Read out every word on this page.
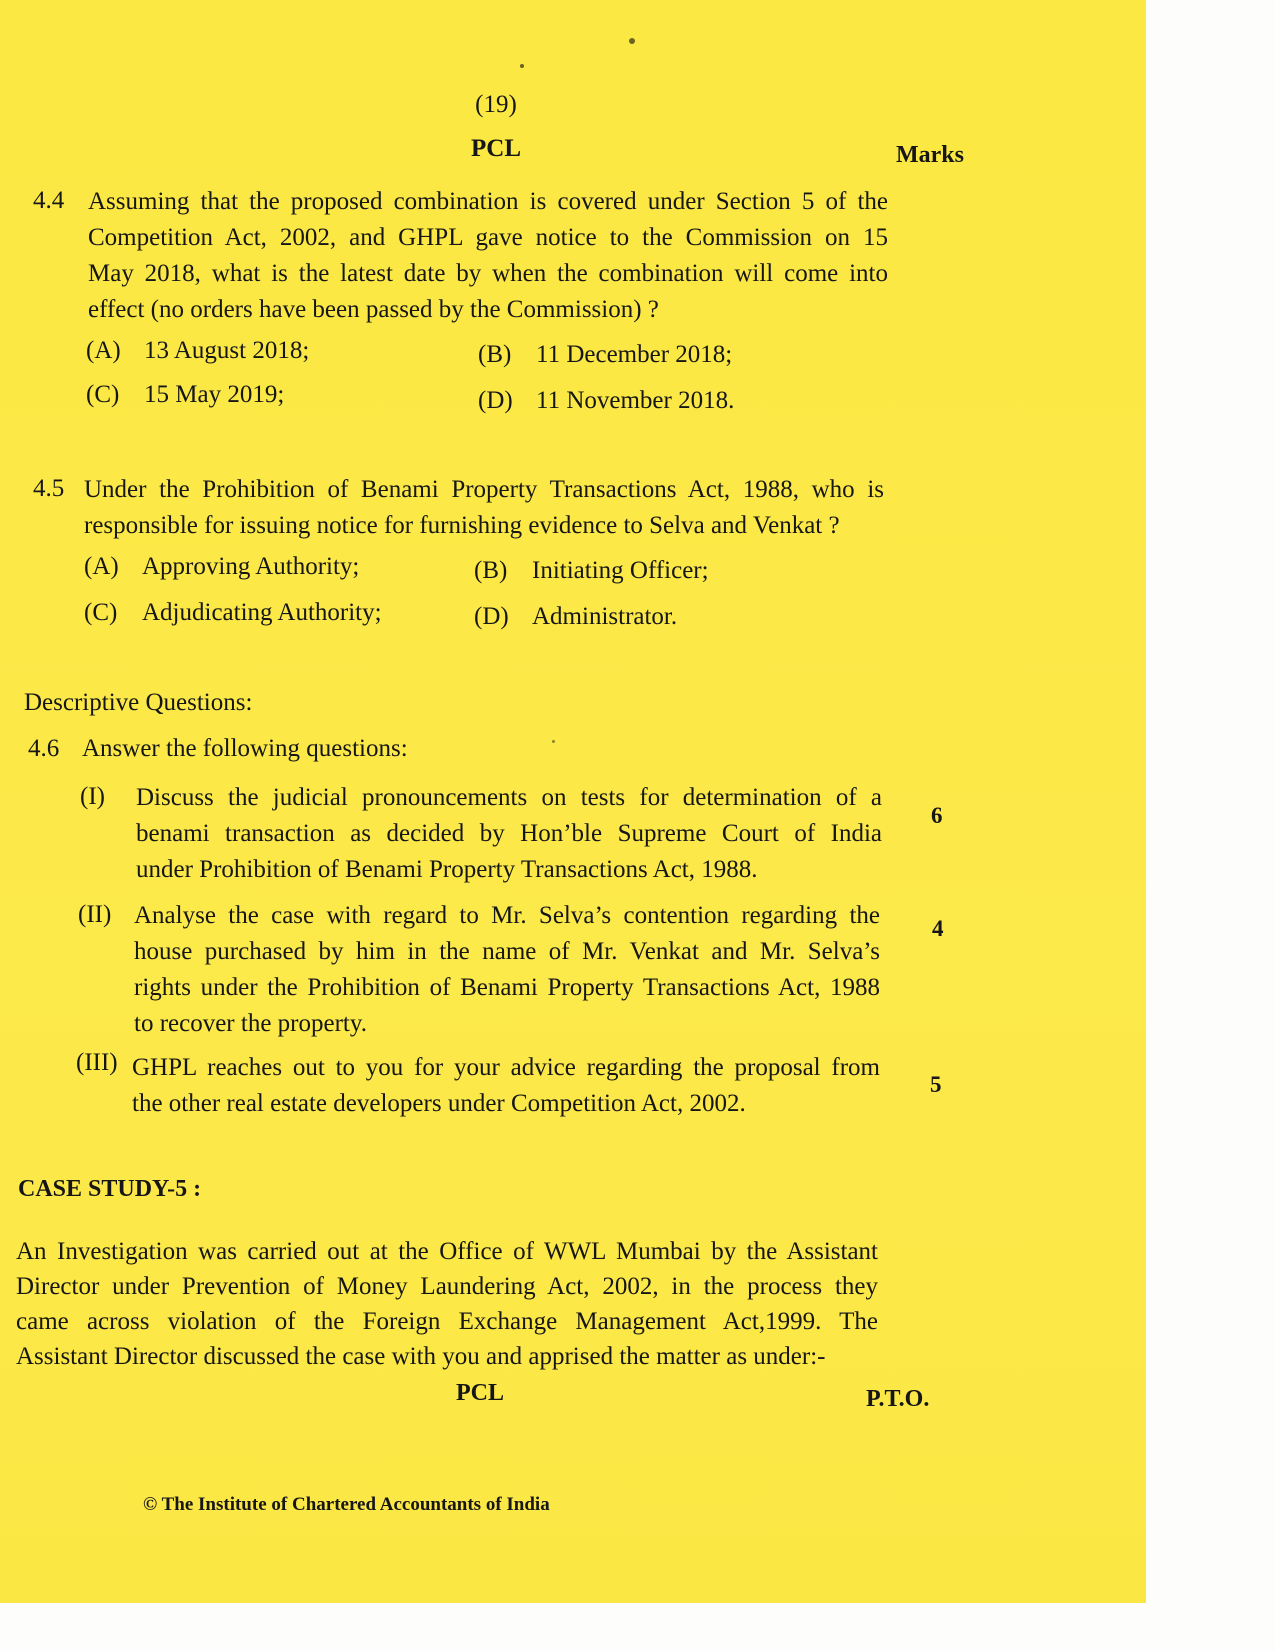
(19)
PCL	Marks
4.4 Assuming that the proposed combination is covered under Section 5 of the
Competition Act, 2002, and GHPL gave notice to the Commission on 15
May 2018, what is the latest date by when the combination will come into
effect (no orders have been passed by the Commission) ?
(A) 13 August 2018;	(B) 11 December 2018;
(C) 15 May 2019;	(D) 11 November 2018.
4.5 Under the Prohibition of Benami Property Transactions Act, 1988, who is
responsible for issuing notice for furnishing evidence to Selva and Venkat ?
(A) Approving Authority;	(B) Initiating Officer;
(C) Adjudicating Authority;	(D) Administrator.
Descriptive Questions:
4.6 Answer the following questions:
(I) Discuss the judicial pronouncements on tests for determination of a
benami transaction as decided by Hon’ble Supreme Court of India
under Prohibition of Benami Property Transactions Act, 1988.
6
(II) Analyse the case with regard to Mr. Selva’s contention regarding the
house purchased by him in the name of Mr. Venkat and Mr. Selva’s
rights under the Prohibition of Benami Property Transactions Act, 1988
to recover the property.
4
(III) GHPL reaches out to you for your advice regarding the proposal from
the other real estate developers under Competition Act, 2002.
5
CASE STUDY-5 :
An Investigation was carried out at the Office of WWL Mumbai by the Assistant
Director under Prevention of Money Laundering Act, 2002, in the process they
came across violation of the Foreign Exchange Management Act,1999. The
Assistant Director discussed the case with you and apprised the matter as under:-
PCL	P.T.O.
© The Institute of Chartered Accountants of India
